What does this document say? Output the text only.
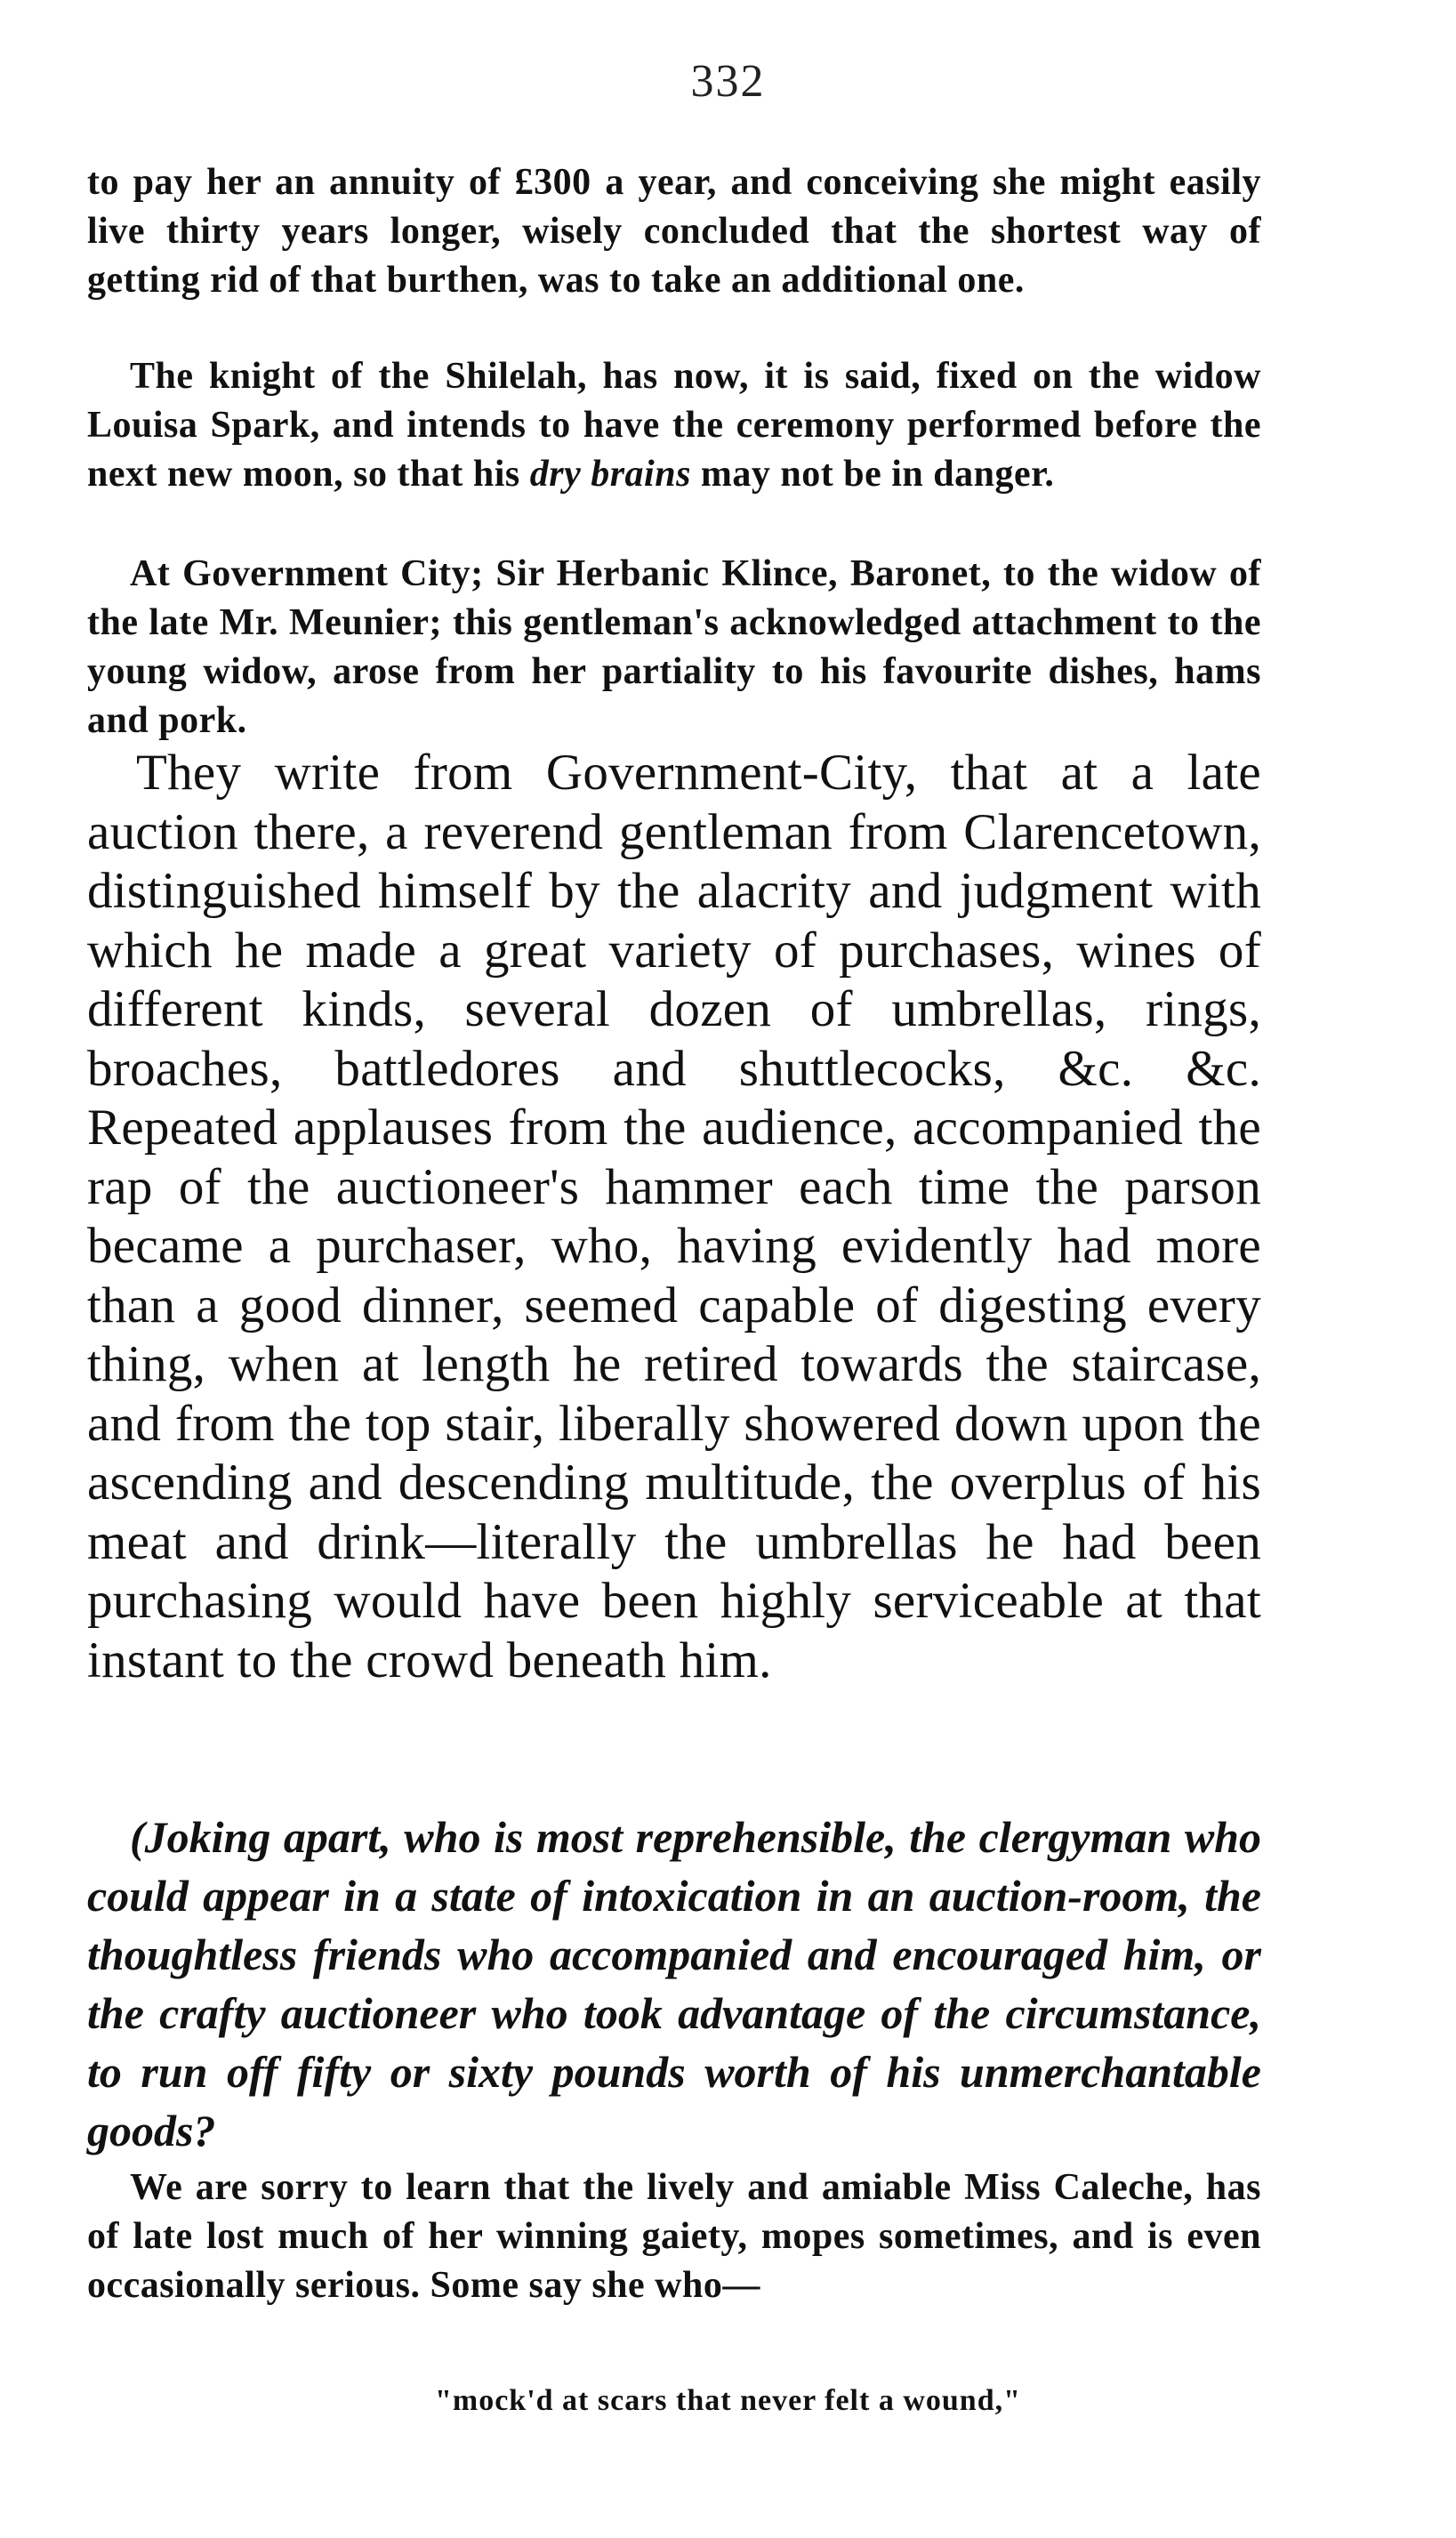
332

to pay her an annuity of £300 a year, and conceiving she might easily live thirty years longer, wisely concluded that the shortest way of getting rid of that burthen, was to take an additional one.

The knight of the Shilelah, has now, it is said, fixed on the widow Louisa Spark, and intends to have the ceremony performed before the next new moon, so that his dry brains may not be in danger.

At Government City; Sir Herbanic Klince, Baronet, to the widow of the late Mr. Meunier; this gentleman's acknowledged attachment to the young widow, arose from her partiality to his favourite dishes, hams and pork.

They write from Government-City, that at a late auction there, a reverend gentleman from Clarencetown, distinguished himself by the alacrity and judgment with which he made a great variety of purchases, wines of different kinds, several dozen of umbrellas, rings, broaches, battledores and shuttlecocks, &c. &c. Repeated applauses from the audience, accompanied the rap of the auctioneer's hammer each time the parson became a purchaser, who, having evidently had more than a good dinner, seemed capable of digesting every thing, when at length he retired towards the staircase, and from the top stair, liberally showered down upon the ascending and descending multitude, the overplus of his meat and drink—literally the umbrellas he had been purchasing would have been highly serviceable at that instant to the crowd beneath him.

(Joking apart, who is most reprehensible, the clergyman who could appear in a state of intoxication in an auction-room, the thoughtless friends who accompanied and encouraged him, or the crafty auctioneer who took advantage of the circumstance, to run off fifty or sixty pounds worth of his unmerchantable goods?

We are sorry to learn that the lively and amiable Miss Caleche, has of late lost much of her winning gaiety, mopes sometimes, and is even occasionally serious. Some say she who—

"mock'd at scars that never felt a wound,"
